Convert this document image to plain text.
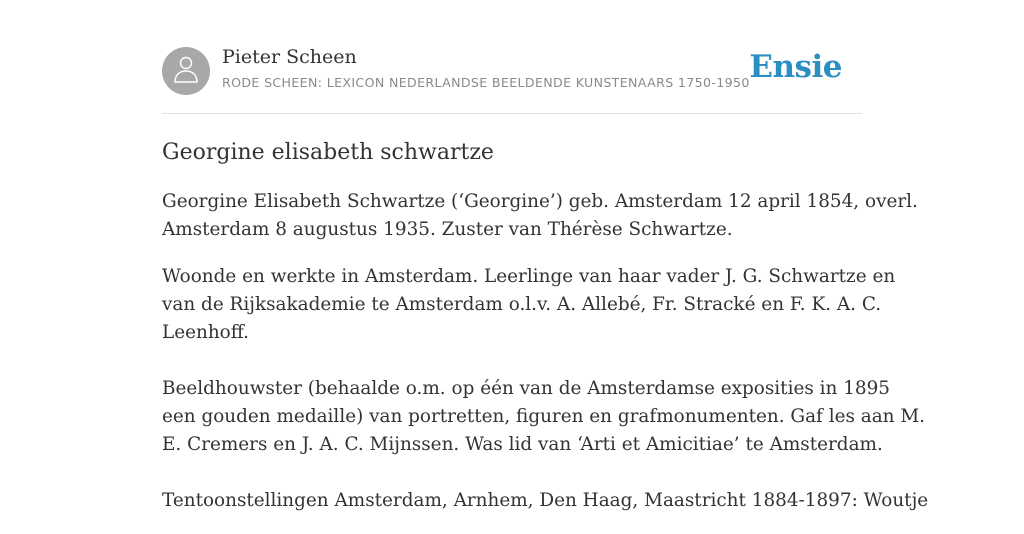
Pieter Scheen
RODE SCHEEN: LEXICON NEDERLANDSE BEELDENDE KUNSTENAARS 1750-1950 Ensie
Georgine elisabeth schwartze

Georgine Elisabeth Schwartze (‘Georgine’) geb. Amsterdam 12 april 1854, overl.
Amsterdam 8 augustus 1935. Zuster van Thérèse Schwartze.

Woonde en werkte in Amsterdam. Leerlinge van haar vader J. G. Schwartze en
van de Rijksakademie te Amsterdam o.l.v. A. Allebé, Fr. Stracké en F. K. A. C.
Leenhoff.
Beeldhouwster (behaalde o.m. op één van de Amsterdamse exposities in 1895
een gouden medaille) van portretten, figuren en grafmonumenten. Gaf les aan M.
E. Cremers en J. A. C. Mijnssen. Was lid van ‘Arti et Amicitiae’ te Amsterdam.
Tentoonstellingen Amsterdam, Arnhem, Den Haag, Maastricht 1884-1897: Woutje
